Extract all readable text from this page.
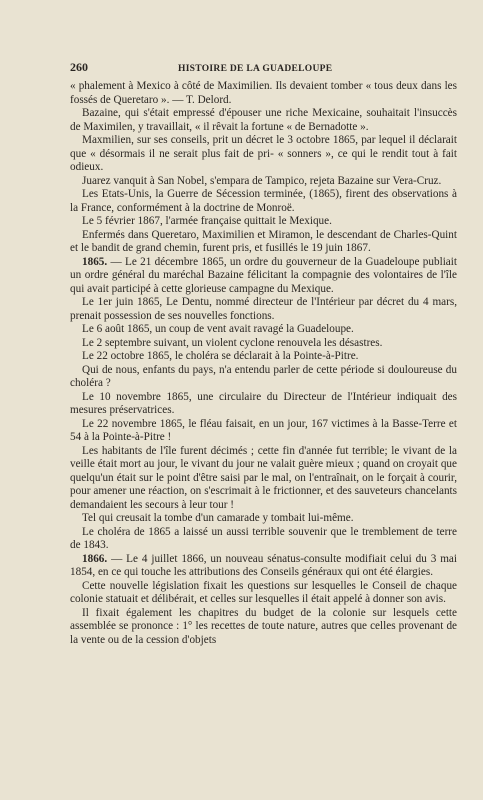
260	HISTOIRE DE LA GUADELOUPE

« phalement à Mexico à côté de Maximilien. Ils devaient tomber « tous deux dans les fossés de Queretaro ». — T. Delord.

Bazaine, qui s'était empressé d'épouser une riche Mexicaine, souhaitait l'insuccès de Maximilen, y travaillait, « il rêvait la fortune « de Bernadotte ».

Maxmilien, sur ses conseils, prit un décret le 3 octobre 1865, par lequel il déclarait que « désormais il ne serait plus fait de pri- « sonners », ce qui le rendit tout à fait odieux.

Juarez vanquit à San Nobel, s'empara de Tampico, rejeta Bazaine sur Vera-Cruz.

Les Etats-Unis, la Guerre de Sécession terminée, (1865), firent des observations à la France, conformément à la doctrine de Monroë.

Le 5 février 1867, l'armée française quittait le Mexique.

Enfermés dans Queretaro, Maximilien et Miramon, le descendant de Charles-Quint et le bandit de grand chemin, furent pris, et fusillés le 19 juin 1867.

1865. — Le 21 décembre 1865, un ordre du gouverneur de la Guadeloupe publiait un ordre général du maréchal Bazaine félicitant la compagnie des volontaires de l'île qui avait participé à cette glorieuse campagne du Mexique.

Le 1er juin 1865, Le Dentu, nommé directeur de l'Intérieur par décret du 4 mars, prenait possession de ses nouvelles fonctions.

Le 6 août 1865, un coup de vent avait ravagé la Guadeloupe.

Le 2 septembre suivant, un violent cyclone renouvela les désastres.

Le 22 octobre 1865, le choléra se déclarait à la Pointe-à-Pitre.

Qui de nous, enfants du pays, n'a entendu parler de cette période si douloureuse du choléra ?

Le 10 novembre 1865, une circulaire du Directeur de l'Intérieur indiquait des mesures préservatrices.

Le 22 novembre 1865, le fléau faisait, en un jour, 167 victimes à la Basse-Terre et 54 à la Pointe-à-Pitre !

Les habitants de l'île furent décimés ; cette fin d'année fut terrible; le vivant de la veille était mort au jour, le vivant du jour ne valait guère mieux ; quand on croyait que quelqu'un était sur le point d'être saisi par le mal, on l'entraînait, on le forçait à courir, pour amener une réaction, on s'escrimait à le frictionner, et des sauveteurs chancelants demandaient les secours à leur tour !

Tel qui creusait la tombe d'un camarade y tombait lui-même.

Le choléra de 1865 a laissé un aussi terrible souvenir que le tremblement de terre de 1843.

1866. — Le 4 juillet 1866, un nouveau sénatus-consulte modifiait celui du 3 mai 1854, en ce qui touche les attributions des Conseils généraux qui ont été élargies.

Cette nouvelle législation fixait les questions sur lesquelles le Conseil de chaque colonie statuait et délibérait, et celles sur lesquelles il était appelé à donner son avis.

Il fixait également les chapitres du budget de la colonie sur lesquels cette assemblée se prononce : 1° les recettes de toute nature, autres que celles provenant de la vente ou de la cession d'objets
